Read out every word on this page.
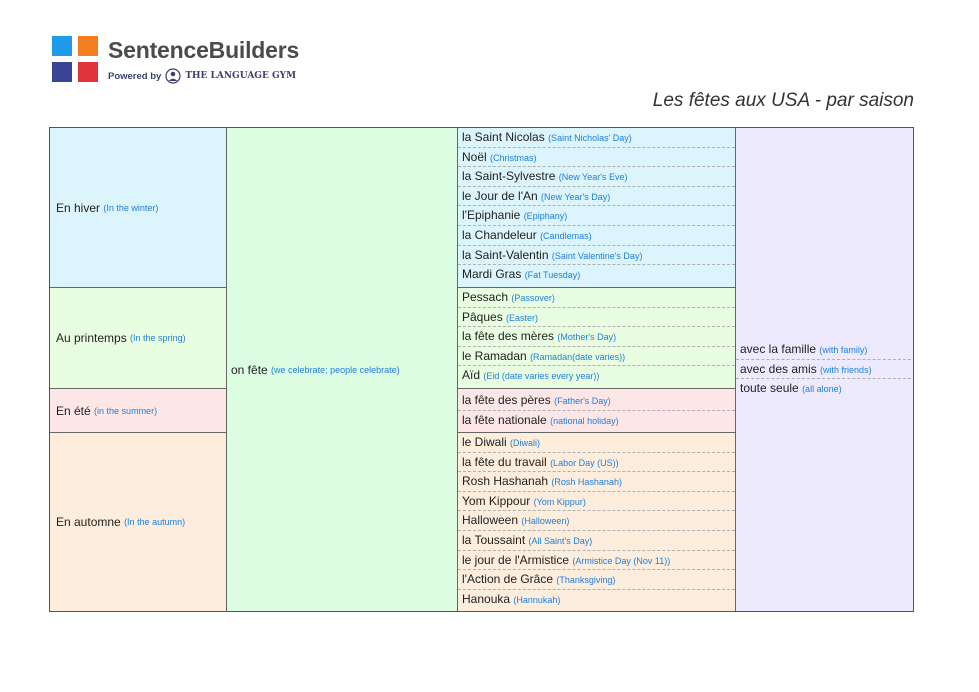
SentenceBuilders
Powered by	THE LANGUAGE GYM
Les fêtes aux USA - par saison
En hiver
(In the winter)
Au printemps
(In the spring)
En été
(in the summer)
En automne
(In the autumn)
on fête
(we celebrate; people celebrate)
la Saint Nicolas (Saint Nicholas' Day)
Noël (Christmas)
la Saint-Sylvestre (New Year's Eve)
le Jour de l'An (New Year's Day)
l'Epiphanie (Epiphany)
la Chandeleur (Candlemas)
la Saint-Valentin (Saint Valentine's Day)
Mardi Gras (Fat Tuesday)
Pessach (Passover)
Pâques (Easter)
la fête des mères (Mother's Day)
le Ramadan (Ramadan(date varies))
Aïd (Eid (date varies every year))
la fête des pères (Father's Day)
la fête nationale (national holiday)
le Diwali (Diwali)
la fête du travail (Labor Day (US))
Rosh Hashanah (Rosh Hashanah)
Yom Kippour (Yom Kippur)
Halloween (Halloween)
la Toussaint (All Saint's Day)
le jour de l'Armistice (Armistice Day (Nov 11))
l'Action de Grâce (Thanksgiving)
Hanouka (Hannukah)
avec la famille (with family)
avec des amis (with friends)
toute seule (all alone)
